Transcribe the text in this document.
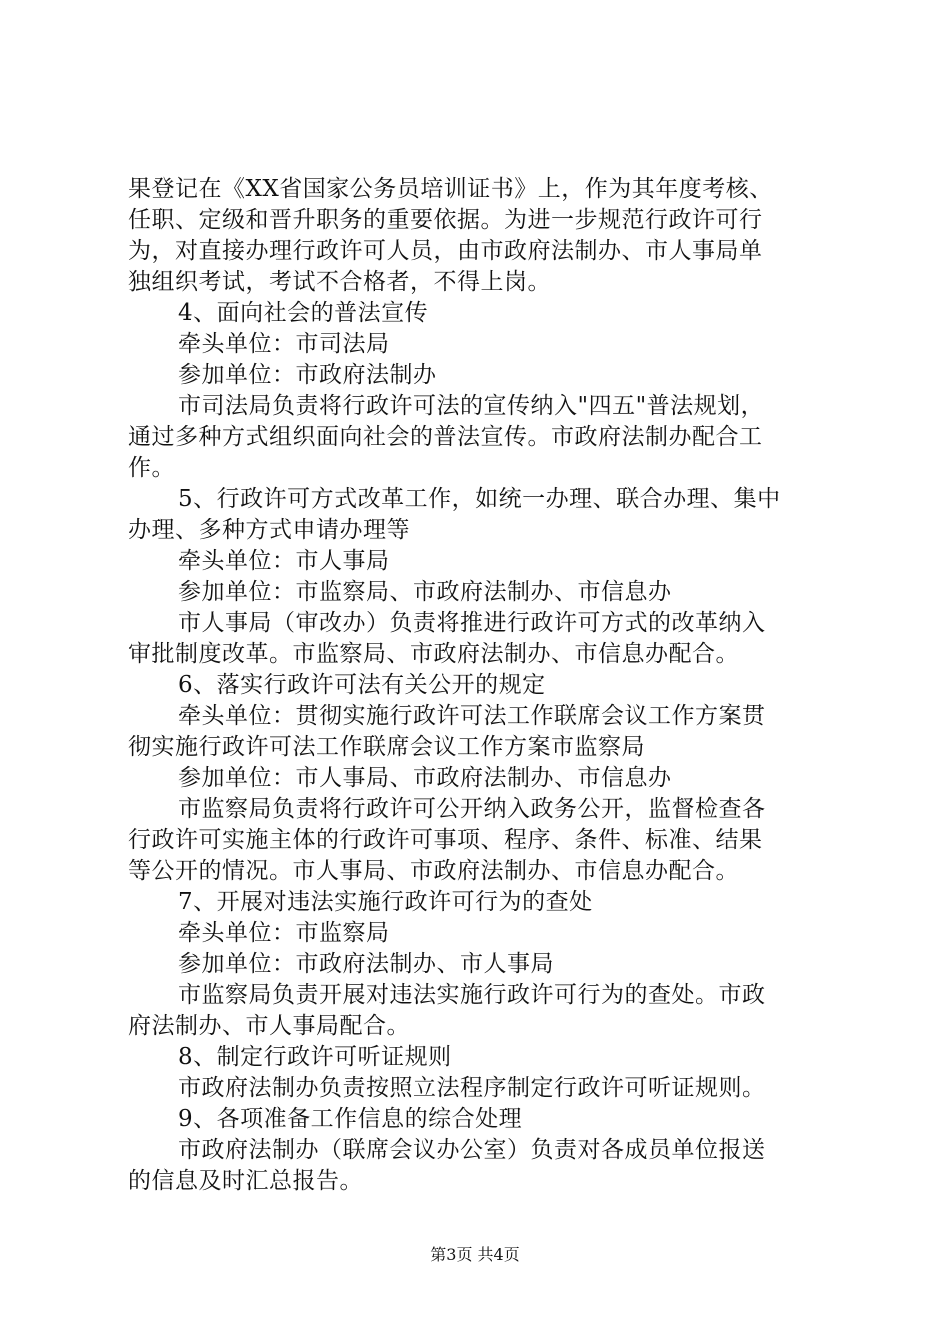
果登记在《XX省国家公务员培训证书》上，作为其年度考核、
任职、定级和晋升职务的重要依据。为进一步规范行政许可行
为，对直接办理行政许可人员，由市政府法制办、市人事局单
独组织考试，考试不合格者，不得上岗。
4、面向社会的普法宣传
牵头单位：市司法局
参加单位：市政府法制办
市司法局负责将行政许可法的宣传纳入"四五"普法规划，
通过多种方式组织面向社会的普法宣传。市政府法制办配合工
作。
5、行政许可方式改革工作，如统一办理、联合办理、集中
办理、多种方式申请办理等
牵头单位：市人事局
参加单位：市监察局、市政府法制办、市信息办
市人事局（审改办）负责将推进行政许可方式的改革纳入
审批制度改革。市监察局、市政府法制办、市信息办配合。
6、落实行政许可法有关公开的规定
牵头单位：贯彻实施行政许可法工作联席会议工作方案贯
彻实施行政许可法工作联席会议工作方案市监察局
参加单位：市人事局、市政府法制办、市信息办
市监察局负责将行政许可公开纳入政务公开，监督检查各
行政许可实施主体的行政许可事项、程序、条件、标准、结果
等公开的情况。市人事局、市政府法制办、市信息办配合。
7、开展对违法实施行政许可行为的查处
牵头单位：市监察局
参加单位：市政府法制办、市人事局
市监察局负责开展对违法实施行政许可行为的查处。市政
府法制办、市人事局配合。
8、制定行政许可听证规则
市政府法制办负责按照立法程序制定行政许可听证规则。
9、各项准备工作信息的综合处理
市政府法制办（联席会议办公室）负责对各成员单位报送
的信息及时汇总报告。
第3页 共4页
